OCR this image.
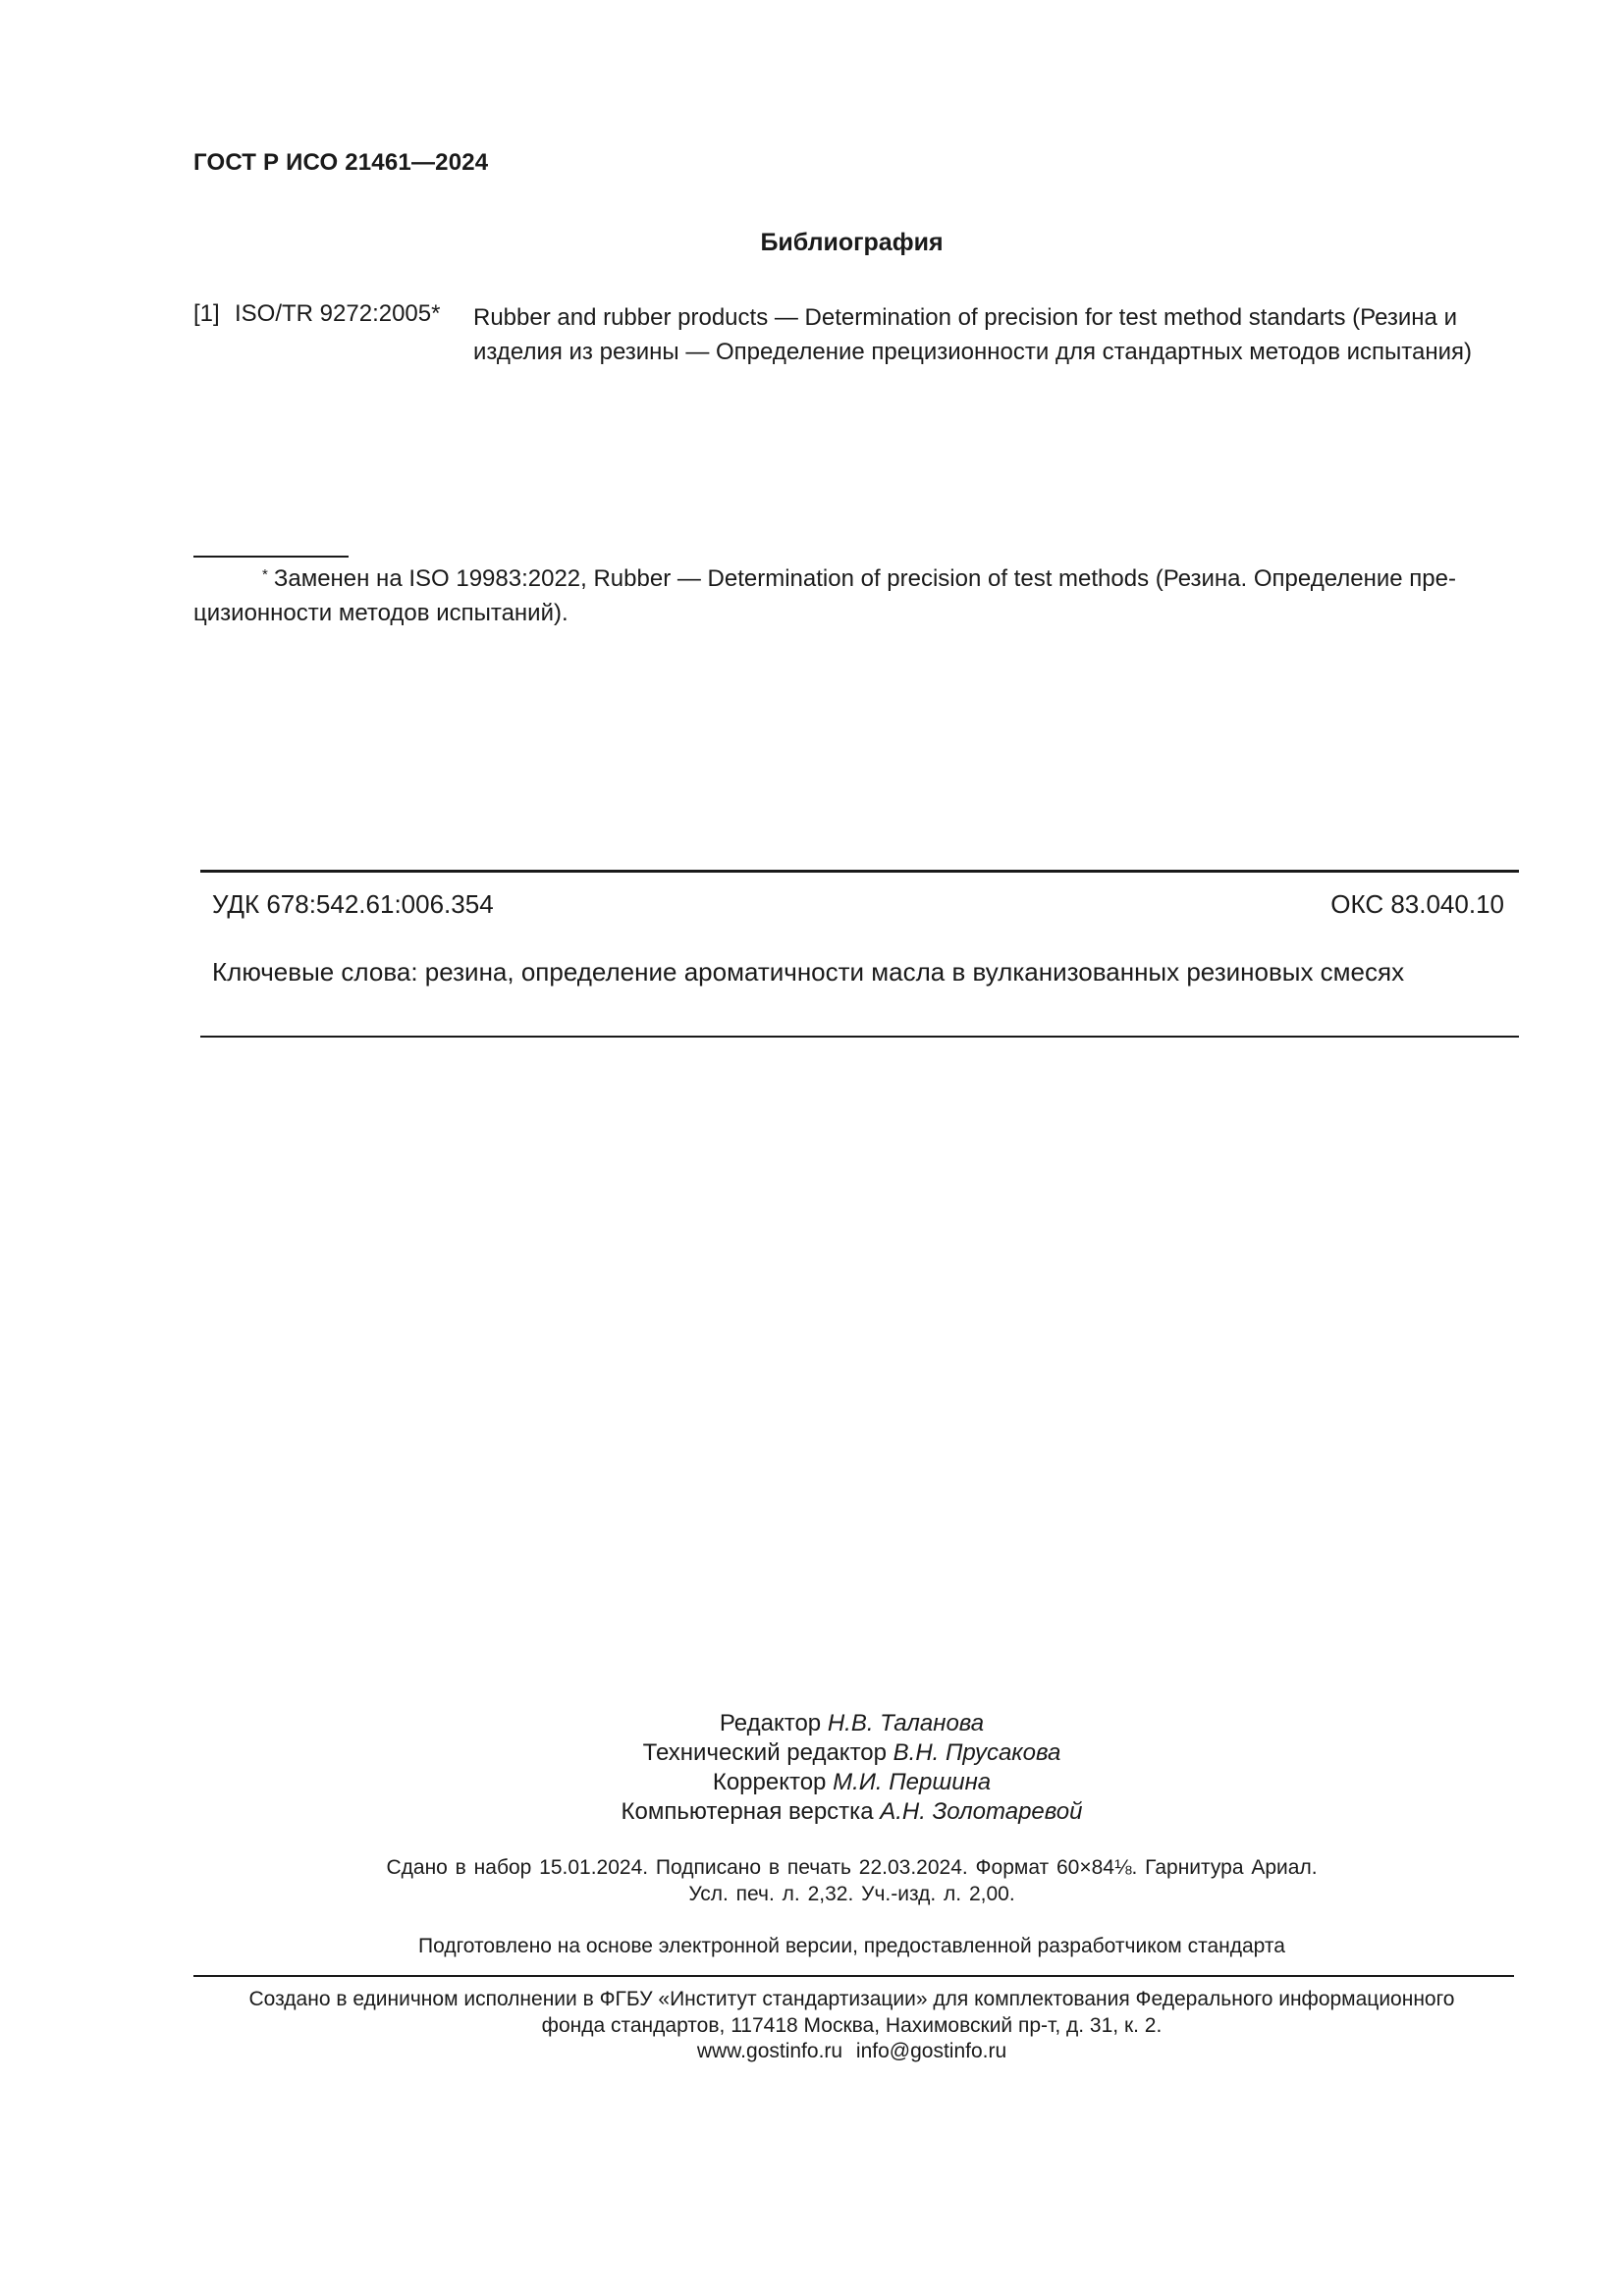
ГОСТ Р ИСО 21461—2024
Библиография
[1] ISO/TR 9272:2005* Rubber and rubber products — Determination of precision for test method standarts (Резина и изделия из резины — Определение прецизионности для стандартных методов испытания)
* Заменен на ISO 19983:2022, Rubber — Determination of precision of test methods (Резина. Определение пре-
цизионности методов испытаний).
УДК 678:542.61:006.354	ОКС 83.040.10
Ключевые слова: резина, определение ароматичности масла в вулканизованных резиновых смесях
Редактор Н.В. Таланова
Технический редактор В.Н. Прусакова
Корректор М.И. Першина
Компьютерная верстка А.Н. Золотаревой
Сдано в набор 15.01.2024. Подписано в печать 22.03.2024. Формат 60×84⅛. Гарнитура Ариал.
Усл. печ. л. 2,32. Уч.-изд. л. 2,00.
Подготовлено на основе электронной версии, предоставленной разработчиком стандарта
Создано в единичном исполнении в ФГБУ «Институт стандартизации» для комплектования Федерального информационного
фонда стандартов, 117418 Москва, Нахимовский пр-т, д. 31, к. 2.
www.gostinfo.ru info@gostinfo.ru
